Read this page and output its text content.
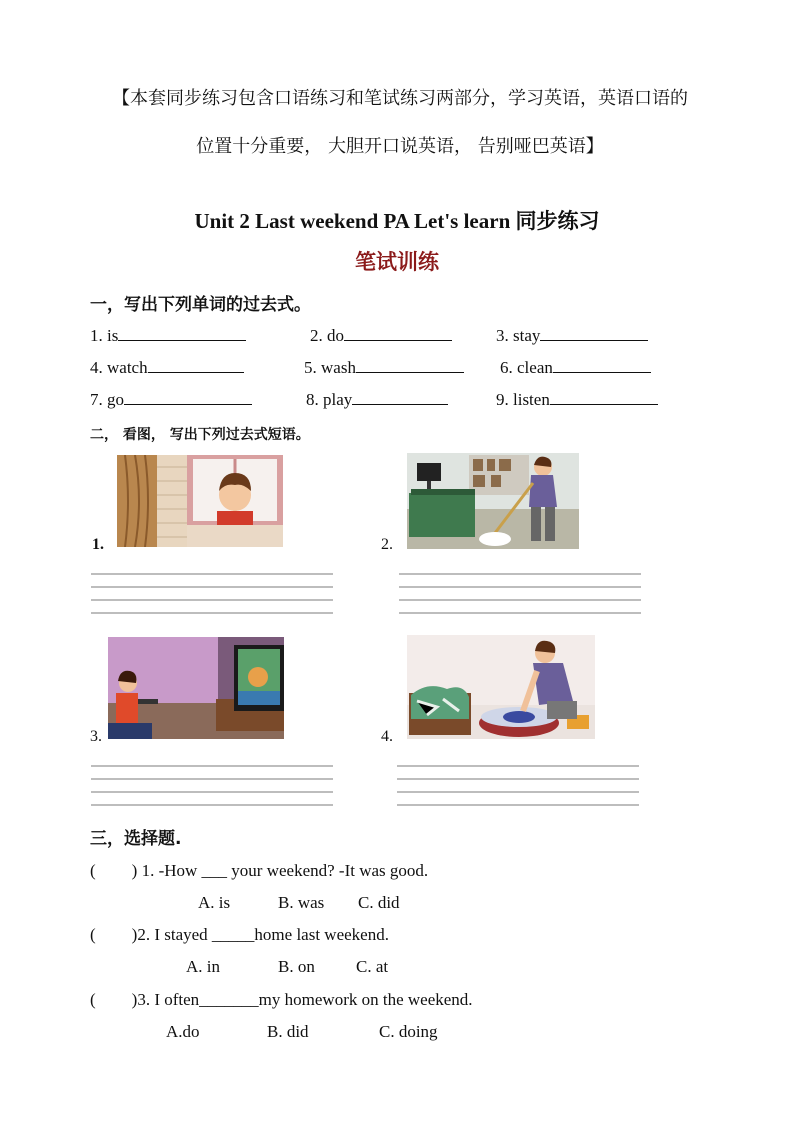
【本套同步练习包含口语练习和笔试练习两部分，学习英语，英语口语的
位置十分重要， 大胆开口说英语， 告别哑巴英语】
Unit 2 Last weekend PA Let's learn 同步练习
笔试训练
一，写出下列单词的过去式。
1. is	2. do	3. stay
4. watch	5. wash	6. clean
7. go	8. play	9. listen
二， 看图， 写出下列过去式短语。
1.	2.
3.	4.
三，选择题.
( ) 1. -How ___ your weekend? -It was good.
A. is	B. was C. did
( )2. I stayed _____home last weekend.
A. in	B. on C. at
( )3. I often_______my homework on the weekend.
A.do	B. did	C. doing
